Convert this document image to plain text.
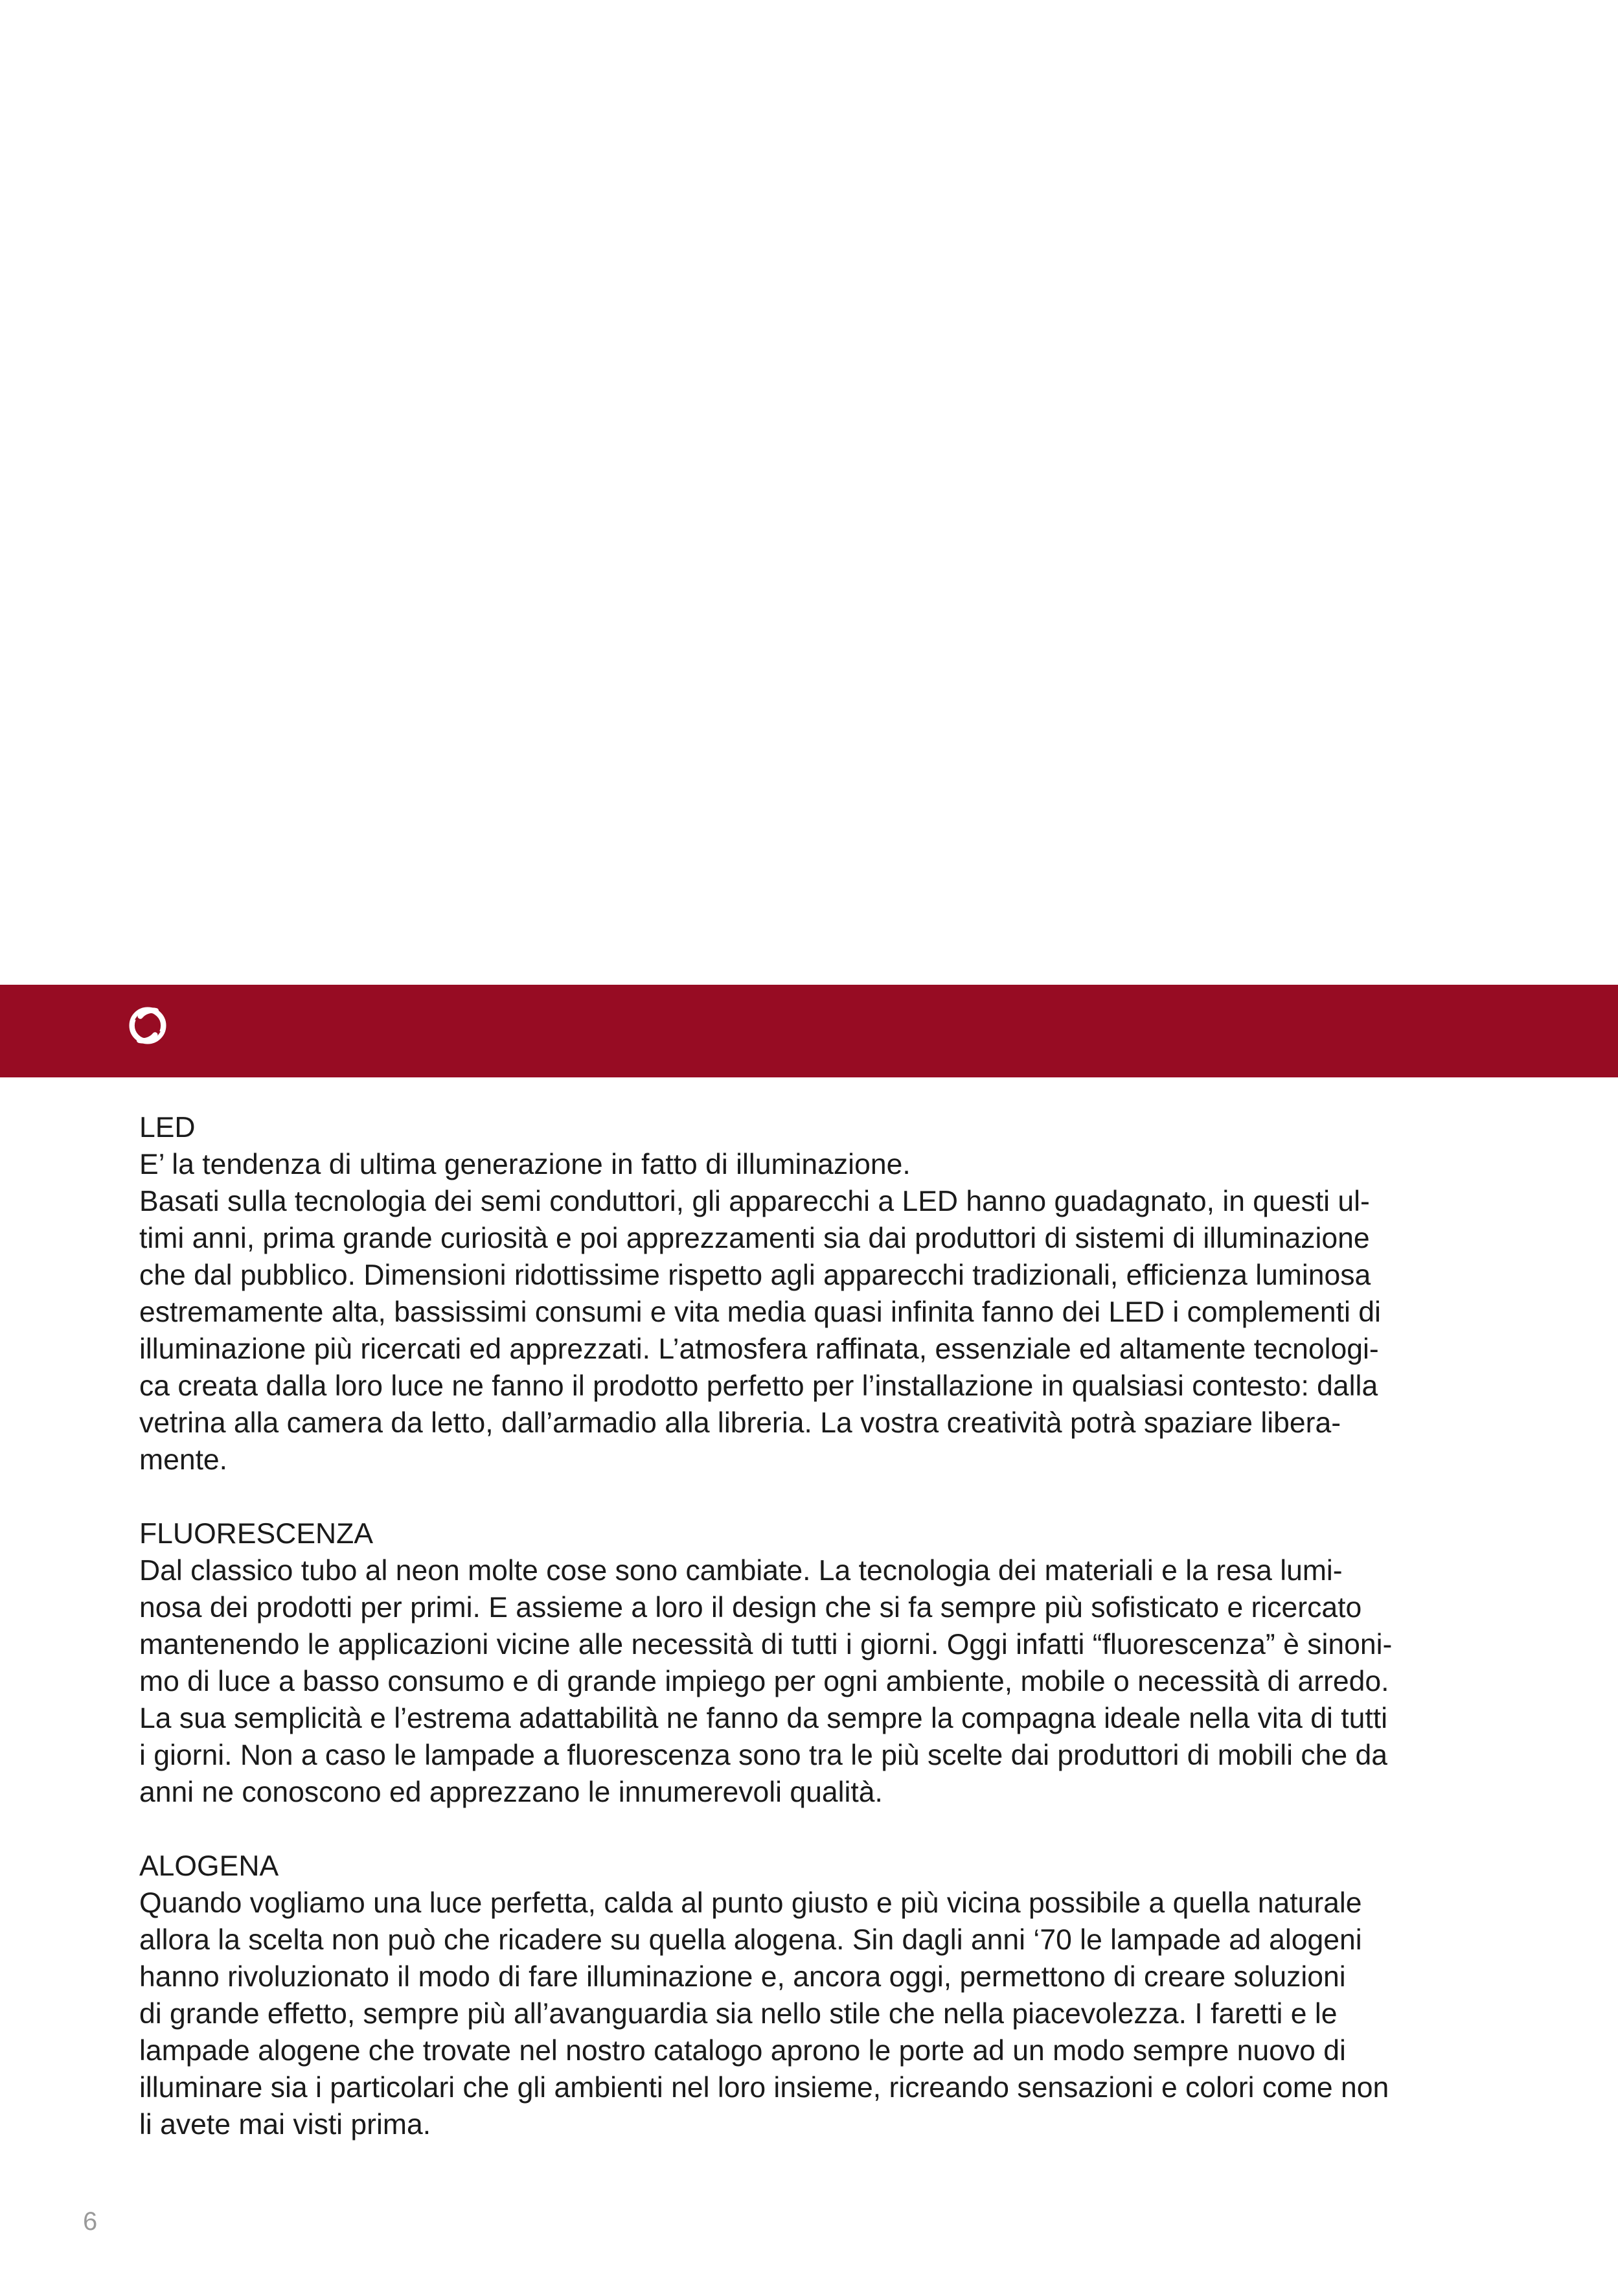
LED

E’ la tendenza di ultima generazione in fatto di illuminazione.
Basati sulla tecnologia dei semi conduttori, gli apparecchi a LED hanno guadagnato, in questi ul-
timi anni, prima grande curiosità e poi apprezzamenti sia dai produttori di sistemi di illuminazione
che dal pubblico. Dimensioni ridottissime rispetto agli apparecchi tradizionali, efficienza luminosa
estremamente alta, bassissimi consumi e vita media quasi infinita fanno dei LED i complementi di
illuminazione più ricercati ed apprezzati. L’atmosfera raffinata, essenziale ed altamente tecnologi-
ca creata dalla loro luce ne fanno il prodotto perfetto per l’installazione in qualsiasi contesto: dalla
vetrina alla camera da letto, dall’armadio alla libreria. La vostra creatività potrà spaziare libera-
mente.

FLUORESCENZA

Dal classico tubo al neon molte cose sono cambiate. La tecnologia dei materiali e la resa lumi-
nosa dei prodotti per primi. E assieme a loro il design che si fa sempre più sofisticato e ricercato
mantenendo le applicazioni vicine alle necessità di tutti i giorni. Oggi infatti “fluorescenza” è sinoni-
mo di luce a basso consumo e di grande impiego per ogni ambiente, mobile o necessità di arredo.
La sua semplicità e l’estrema adattabilità ne fanno da sempre la compagna ideale nella vita di tutti
i giorni. Non a caso le lampade a fluorescenza sono tra le più scelte dai produttori di mobili che da
anni ne conoscono ed apprezzano le innumerevoli qualità.

ALOGENA

Quando vogliamo una luce perfetta, calda al punto giusto e più vicina possibile a quella naturale
allora la scelta non può che ricadere su quella alogena. Sin dagli anni ‘70 le lampade ad alogeni
hanno rivoluzionato il modo di fare illuminazione e, ancora oggi, permettono di creare soluzioni
di grande effetto, sempre più all’avanguardia sia nello stile che nella piacevolezza. I faretti e le
lampade alogene che trovate nel nostro catalogo aprono le porte ad un modo sempre nuovo di
illuminare sia i particolari che gli ambienti nel loro insieme, ricreando sensazioni e colori come non
li avete mai visti prima.

6
